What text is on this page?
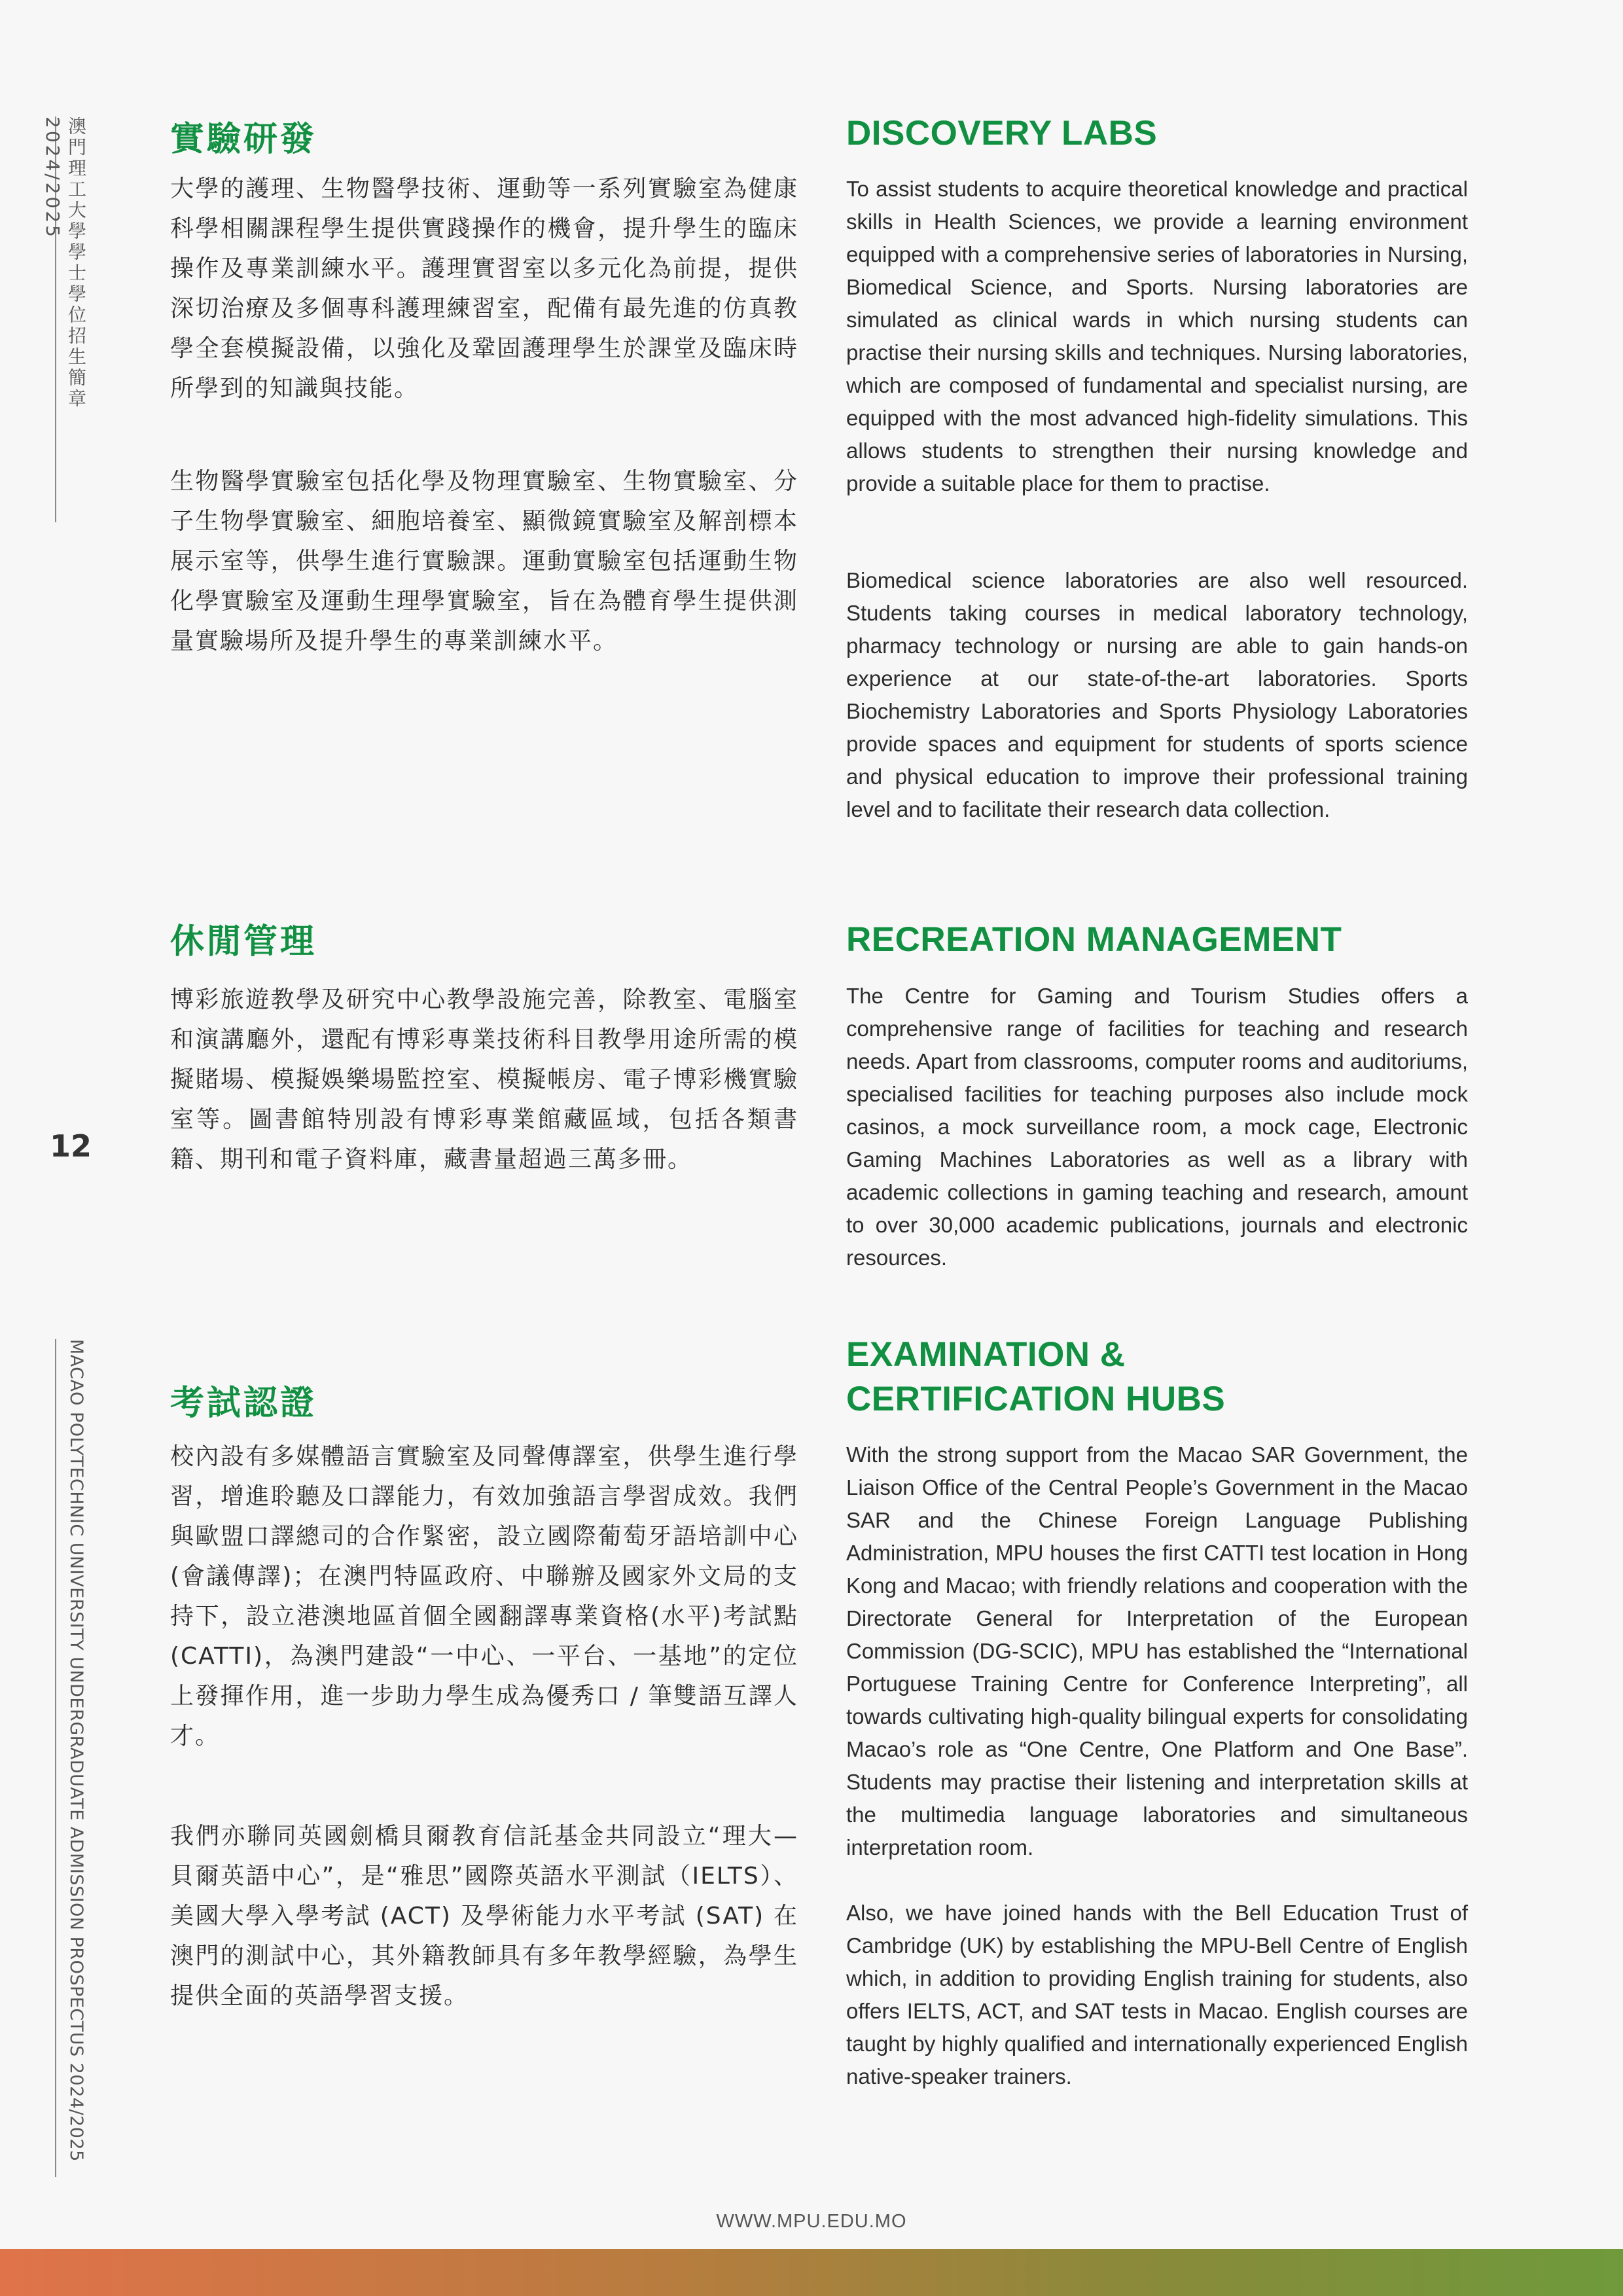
澳門理工大學學士學位招生簡章 2024/2025
12
MACAO POLYTECHNIC UNIVERSITY UNDERGRADUATE ADMISSION PROSPECTUS 2024/2025
實驗研發

大學的護理、生物醫學技術、運動等一系列實驗室為健康科學相關課程學生提供實踐操作的機會，提升學生的臨床操作及專業訓練水平。護理實習室以多元化為前提，提供深切治療及多個專科護理練習室，配備有最先進的仿真教學全套模擬設備，以強化及鞏固護理學生於課堂及臨床時所學到的知識與技能。

生物醫學實驗室包括化學及物理實驗室、生物實驗室、分子生物學實驗室、細胞培養室、顯微鏡實驗室及解剖標本展示室等，供學生進行實驗課。運動實驗室包括運動生物化學實驗室及運動生理學實驗室，旨在為體育學生提供測量實驗場所及提升學生的專業訓練水平。

DISCOVERY LABS

To assist students to acquire theoretical knowledge and practical skills in Health Sciences, we provide a learning environment equipped with a comprehensive series of laboratories in Nursing, Biomedical Science, and Sports. Nursing laboratories are simulated as clinical wards in which nursing students can practise their nursing skills and techniques. Nursing laboratories, which are composed of fundamental and specialist nursing, are equipped with the most advanced high-fidelity simulations. This allows students to strengthen their nursing knowledge and provide a suitable place for them to practise.

Biomedical science laboratories are also well resourced. Students taking courses in medical laboratory technology, pharmacy technology or nursing are able to gain hands-on experience at our state-of-the-art laboratories. Sports Biochemistry Laboratories and Sports Physiology Laboratories provide spaces and equipment for students of sports science and physical education to improve their professional training level and to facilitate their research data collection.

休閒管理

博彩旅遊教學及研究中心教學設施完善，除教室、電腦室和演講廳外，還配有博彩專業技術科目教學用途所需的模擬賭場、模擬娛樂場監控室、模擬帳房、電子博彩機實驗室等。圖書館特別設有博彩專業館藏區域，包括各類書籍、期刊和電子資料庫，藏書量超過三萬多冊。

RECREATION MANAGEMENT

The Centre for Gaming and Tourism Studies offers a comprehensive range of facilities for teaching and research needs. Apart from classrooms, computer rooms and auditoriums, specialised facilities for teaching purposes also include mock casinos, a mock surveillance room, a mock cage, Electronic Gaming Machines Laboratories as well as a library with academic collections in gaming teaching and research, amount to over 30,000 academic publications, journals and electronic resources.

考試認證

校內設有多媒體語言實驗室及同聲傳譯室，供學生進行學習，增進聆聽及口譯能力，有效加強語言學習成效。我們與歐盟口譯總司的合作緊密，設立國際葡萄牙語培訓中心(會議傳譯)；在澳門特區政府、中聯辦及國家外文局的支持下，設立港澳地區首個全國翻譯專業資格(水平)考試點(CATTI)，為澳門建設“一中心、一平台、一基地”的定位上發揮作用，進一步助力學生成為優秀口 / 筆雙語互譯人才。

我們亦聯同英國劍橋貝爾教育信託基金共同設立“理大—貝爾英語中心”，是“雅思”國際英語水平測試（IELTS）、美國大學入學考試 (ACT) 及學術能力水平考試 (SAT) 在澳門的測試中心，其外籍教師具有多年教學經驗，為學生提供全面的英語學習支援。

EXAMINATION &
CERTIFICATION HUBS

With the strong support from the Macao SAR Government, the Liaison Office of the Central People’s Government in the Macao SAR and the Chinese Foreign Language Publishing Administration, MPU houses the first CATTI test location in Hong Kong and Macao; with friendly relations and cooperation with the Directorate General for Interpretation of the European Commission (DG-SCIC), MPU has established the “International Portuguese Training Centre for Conference Interpreting”, all towards cultivating high-quality bilingual experts for consolidating Macao’s role as “One Centre, One Platform and One Base”. Students may practise their listening and interpretation skills at the multimedia language laboratories and simultaneous interpretation room.

Also, we have joined hands with the Bell Education Trust of Cambridge (UK) by establishing the MPU-Bell Centre of English which, in addition to providing English training for students, also offers IELTS, ACT, and SAT tests in Macao. English courses are taught by highly qualified and internationally experienced English native-speaker trainers.

WWW.MPU.EDU.MO
